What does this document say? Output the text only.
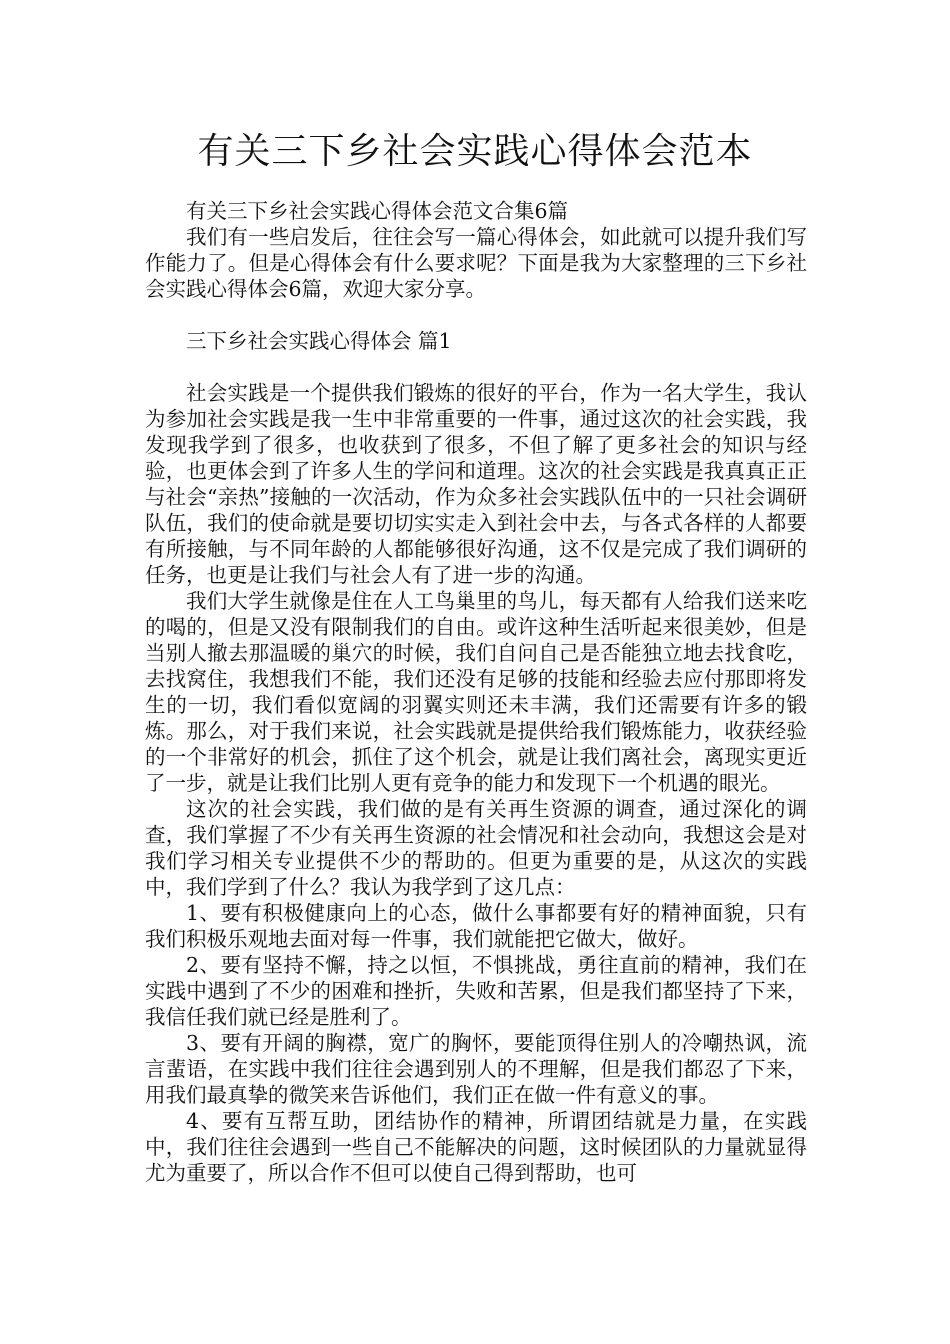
有关三下乡社会实践心得体会范本

有关三下乡社会实践心得体会范文合集6篇

我们有一些启发后，往往会写一篇心得体会，如此就可以提升我们写作能力了。但是心得体会有什么要求呢？下面是我为大家整理的三下乡社会实践心得体会6篇，欢迎大家分享。

三下乡社会实践心得体会 篇1

社会实践是一个提供我们锻炼的很好的平台，作为一名大学生，我认为参加社会实践是我一生中非常重要的一件事，通过这次的社会实践，我发现我学到了很多，也收获到了很多，不但了解了更多社会的知识与经验，也更体会到了许多人生的学问和道理。这次的社会实践是我真真正正与社会“亲热”接触的一次活动，作为众多社会实践队伍中的一只社会调研队伍，我们的使命就是要切切实实走入到社会中去，与各式各样的人都要有所接触，与不同年龄的人都能够很好沟通，这不仅是完成了我们调研的任务，也更是让我们与社会人有了进一步的沟通。

我们大学生就像是住在人工鸟巢里的鸟儿，每天都有人给我们送来吃的喝的，但是又没有限制我们的自由。或许这种生活听起来很美妙，但是当别人撤去那温暖的巢穴的时候，我们自问自己是否能独立地去找食吃，去找窝住，我想我们不能，我们还没有足够的技能和经验去应付那即将发生的一切，我们看似宽阔的羽翼实则还未丰满，我们还需要有许多的锻炼。那么，对于我们来说，社会实践就是提供给我们锻炼能力，收获经验的一个非常好的机会，抓住了这个机会，就是让我们离社会，离现实更近了一步，就是让我们比别人更有竞争的能力和发现下一个机遇的眼光。

这次的社会实践，我们做的是有关再生资源的调查，通过深化的调查，我们掌握了不少有关再生资源的社会情况和社会动向，我想这会是对我们学习相关专业提供不少的帮助的。但更为重要的是，从这次的实践中，我们学到了什么？我认为我学到了这几点：

1、要有积极健康向上的心态，做什么事都要有好的精神面貌，只有我们积极乐观地去面对每一件事，我们就能把它做大，做好。

2、要有坚持不懈，持之以恒，不惧挑战，勇往直前的精神，我们在实践中遇到了不少的困难和挫折，失败和苦累，但是我们都坚持了下来，我信任我们就已经是胜利了。

3、要有开阔的胸襟，宽广的胸怀，要能顶得住别人的冷嘲热讽，流言蜚语，在实践中我们往往会遇到别人的不理解，但是我们都忍了下来，用我们最真挚的微笑来告诉他们，我们正在做一件有意义的事。

4、要有互帮互助，团结协作的精神，所谓团结就是力量，在实践中，我们往往会遇到一些自己不能解决的问题，这时候团队的力量就显得尤为重要了，所以合作不但可以使自己得到帮助，也可
